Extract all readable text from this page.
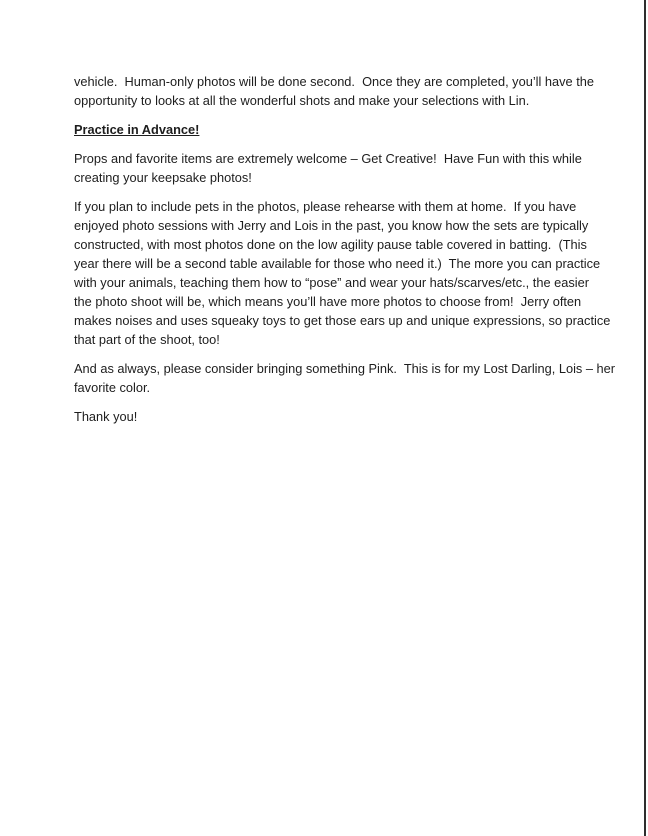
vehicle.  Human-only photos will be done second.  Once they are completed, you’ll have the
opportunity to looks at all the wonderful shots and make your selections with Lin.
Practice in Advance!
Props and favorite items are extremely welcome – Get Creative!  Have Fun with this while
creating your keepsake photos!
If you plan to include pets in the photos, please rehearse with them at home.  If you have
enjoyed photo sessions with Jerry and Lois in the past, you know how the sets are typically
constructed, with most photos done on the low agility pause table covered in batting.  (This
year there will be a second table available for those who need it.)  The more you can practice
with your animals, teaching them how to “pose” and wear your hats/scarves/etc., the easier
the photo shoot will be, which means you’ll have more photos to choose from!  Jerry often
makes noises and uses squeaky toys to get those ears up and unique expressions, so practice
that part of the shoot, too!
And as always, please consider bringing something Pink.  This is for my Lost Darling, Lois – her
favorite color.
Thank you!
